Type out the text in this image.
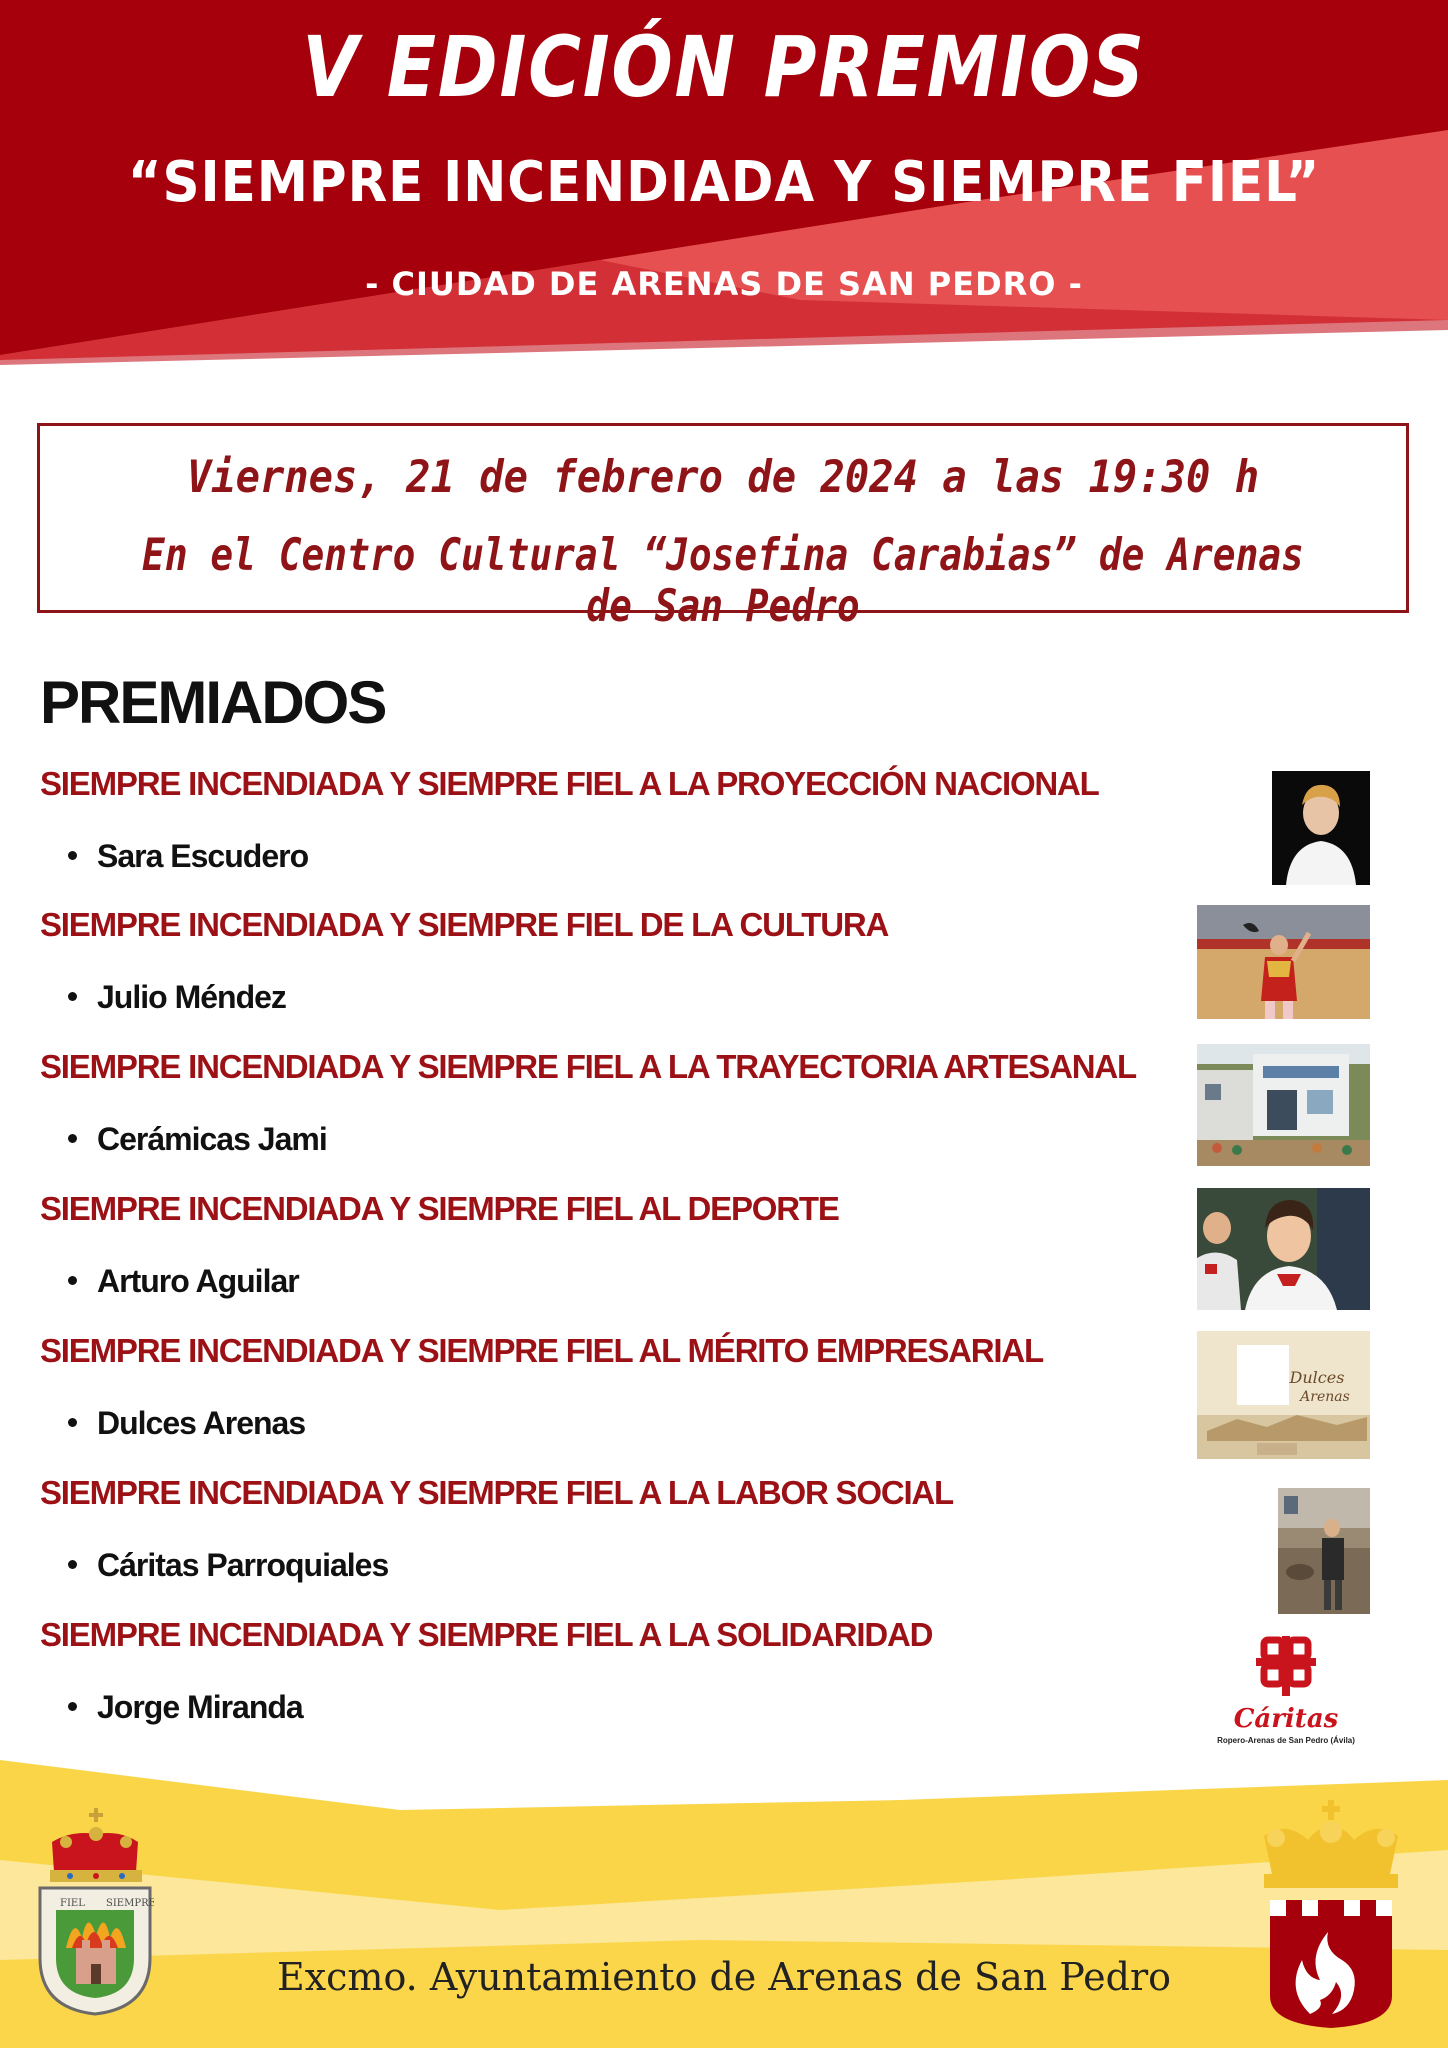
V EDICIÓN PREMIOS
“SIEMPRE INCENDIADA Y SIEMPRE FIEL”
- CIUDAD DE ARENAS DE SAN PEDRO -
Viernes, 21 de febrero de 2024 a las 19:30 h
En el Centro Cultural “Josefina Carabias” de Arenas de San Pedro
PREMIADOS
SIEMPRE INCENDIADA Y SIEMPRE FIEL A LA PROYECCIÓN NACIONAL
Sara Escudero
SIEMPRE INCENDIADA Y SIEMPRE FIEL DE LA CULTURA
Julio Méndez
SIEMPRE INCENDIADA Y SIEMPRE FIEL A LA TRAYECTORIA ARTESANAL
Cerámicas Jami
SIEMPRE INCENDIADA Y SIEMPRE FIEL AL DEPORTE
Arturo Aguilar
SIEMPRE INCENDIADA Y SIEMPRE FIEL AL MÉRITO EMPRESARIAL
Dulces Arenas
SIEMPRE INCENDIADA Y SIEMPRE FIEL A LA LABOR SOCIAL
Cáritas Parroquiales
SIEMPRE INCENDIADA Y SIEMPRE FIEL A LA SOLIDARIDAD
Jorge Miranda
Dulces
Arenas
Cáritas
Ropero-Arenas de San Pedro (Ávila)
FIEL SIEMPRE
Excmo. Ayuntamiento de Arenas de San Pedro
